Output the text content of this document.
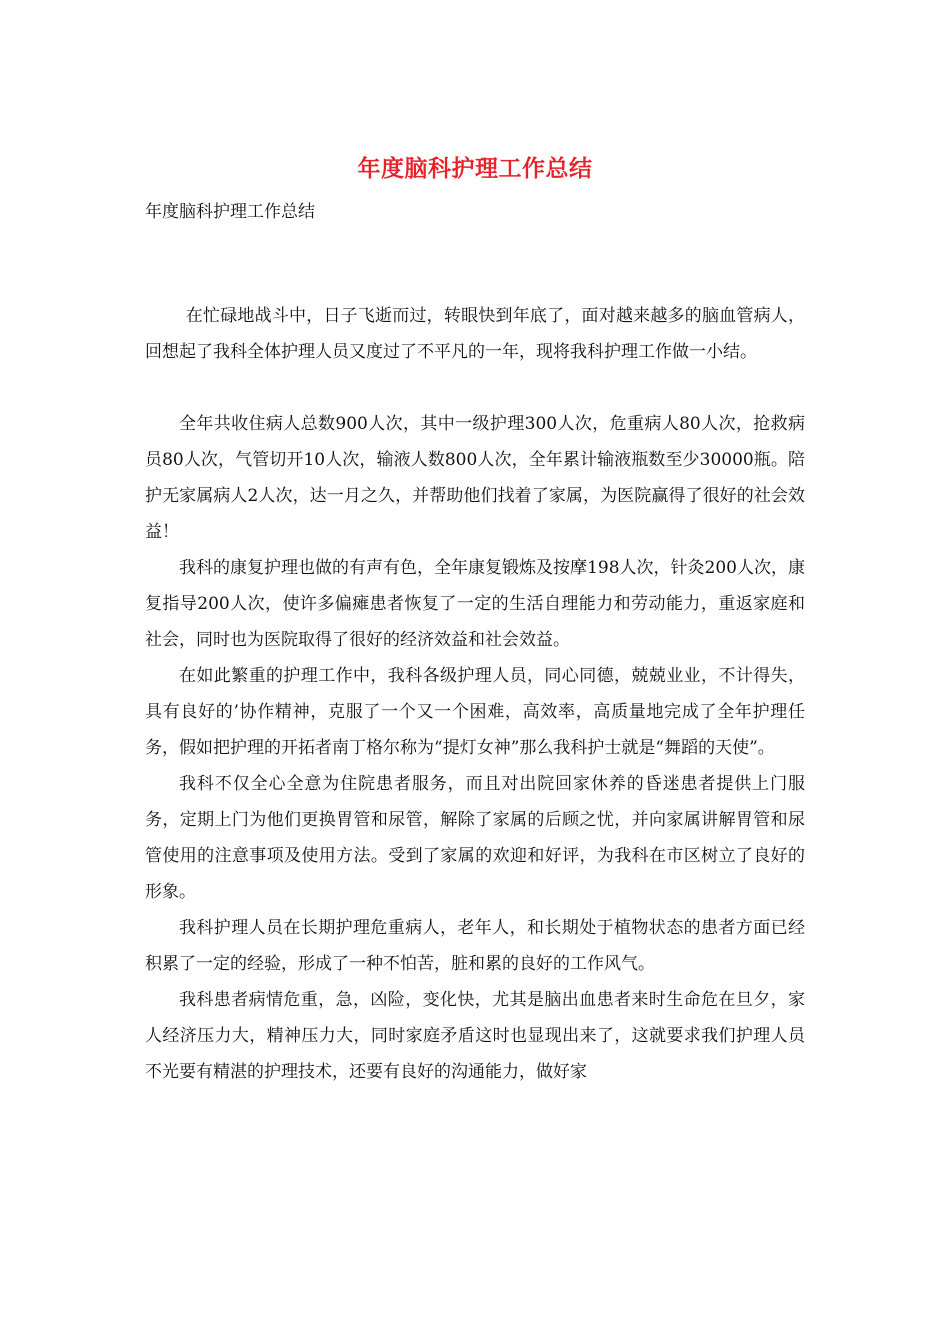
年度脑科护理工作总结
年度脑科护理工作总结

在忙碌地战斗中，日子飞逝而过，转眼快到年底了，面对越来越多的脑血管病人，回想起了我科全体护理人员又度过了不平凡的一年，现将我科护理工作做一小结。

全年共收住病人总数900人次，其中一级护理300人次，危重病人80人次，抢救病员80人次，气管切开10人次，输液人数800人次，全年累计输液瓶数至少30000瓶。陪护无家属病人2人次，达一月之久，并帮助他们找着了家属，为医院赢得了很好的社会效益！

我科的康复护理也做的有声有色，全年康复锻炼及按摩198人次，针灸200人次，康复指导200人次，使许多偏瘫患者恢复了一定的生活自理能力和劳动能力，重返家庭和社会，同时也为医院取得了很好的经济效益和社会效益。

在如此繁重的护理工作中，我科各级护理人员，同心同德，兢兢业业，不计得失，具有良好的’协作精神，克服了一个又一个困难，高效率，高质量地完成了全年护理任务，假如把护理的开拓者南丁格尔称为“提灯女神”那么我科护士就是“舞蹈的天使”。

我科不仅全心全意为住院患者服务，而且对出院回家休养的昏迷患者提供上门服务，定期上门为他们更换胃管和尿管，解除了家属的后顾之忧，并向家属讲解胃管和尿管使用的注意事项及使用方法。受到了家属的欢迎和好评，为我科在市区树立了良好的形象。

我科护理人员在长期护理危重病人，老年人，和长期处于植物状态的患者方面已经积累了一定的经验，形成了一种不怕苦，脏和累的良好的工作风气。

我科患者病情危重，急，凶险，变化快，尤其是脑出血患者来时生命危在旦夕，家人经济压力大，精神压力大，同时家庭矛盾这时也显现出来了，这就要求我们护理人员不光要有精湛的护理技术，还要有良好的沟通能力，做好家
